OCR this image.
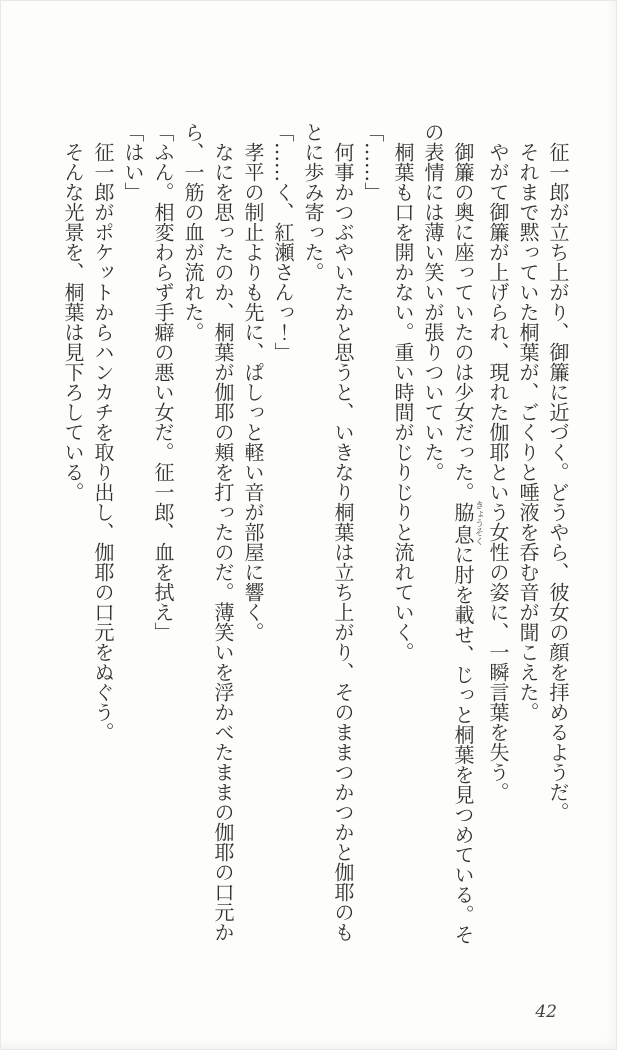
征一郎が立ち上がり、御簾に近づく。どうやら、彼女の顔を拝めるようだ。

それまで黙っていた桐葉が、ごくりと唾液を呑む音が聞こえた。

やがて御簾が上げられ、現れた伽耶という女性の姿に、一瞬言葉を失う。

御簾の奥に座っていたのは少女だった。脇息きょうそくに肘を載せ、じっと桐葉を見つめている。その表情には薄い笑いが張りついていた。

桐葉も口を開かない。重い時間がじりじりと流れていく。

「……」

何事かつぶやいたかと思うと、いきなり桐葉は立ち上がり、そのままつかつかと伽耶のもとに歩み寄った。

「……く、紅瀬さんっ！」

孝平の制止よりも先に、ぱしっと軽い音が部屋に響く。

なにを思ったのか、桐葉が伽耶の頬を打ったのだ。薄笑いを浮かべたままの伽耶の口元から、一筋の血が流れた。

「ふん。相変わらず手癖の悪い女だ。征一郎、血を拭え」

「はい」

征一郎がポケットからハンカチを取り出し、伽耶の口元をぬぐう。

そんな光景を、桐葉は見下ろしている。

42
